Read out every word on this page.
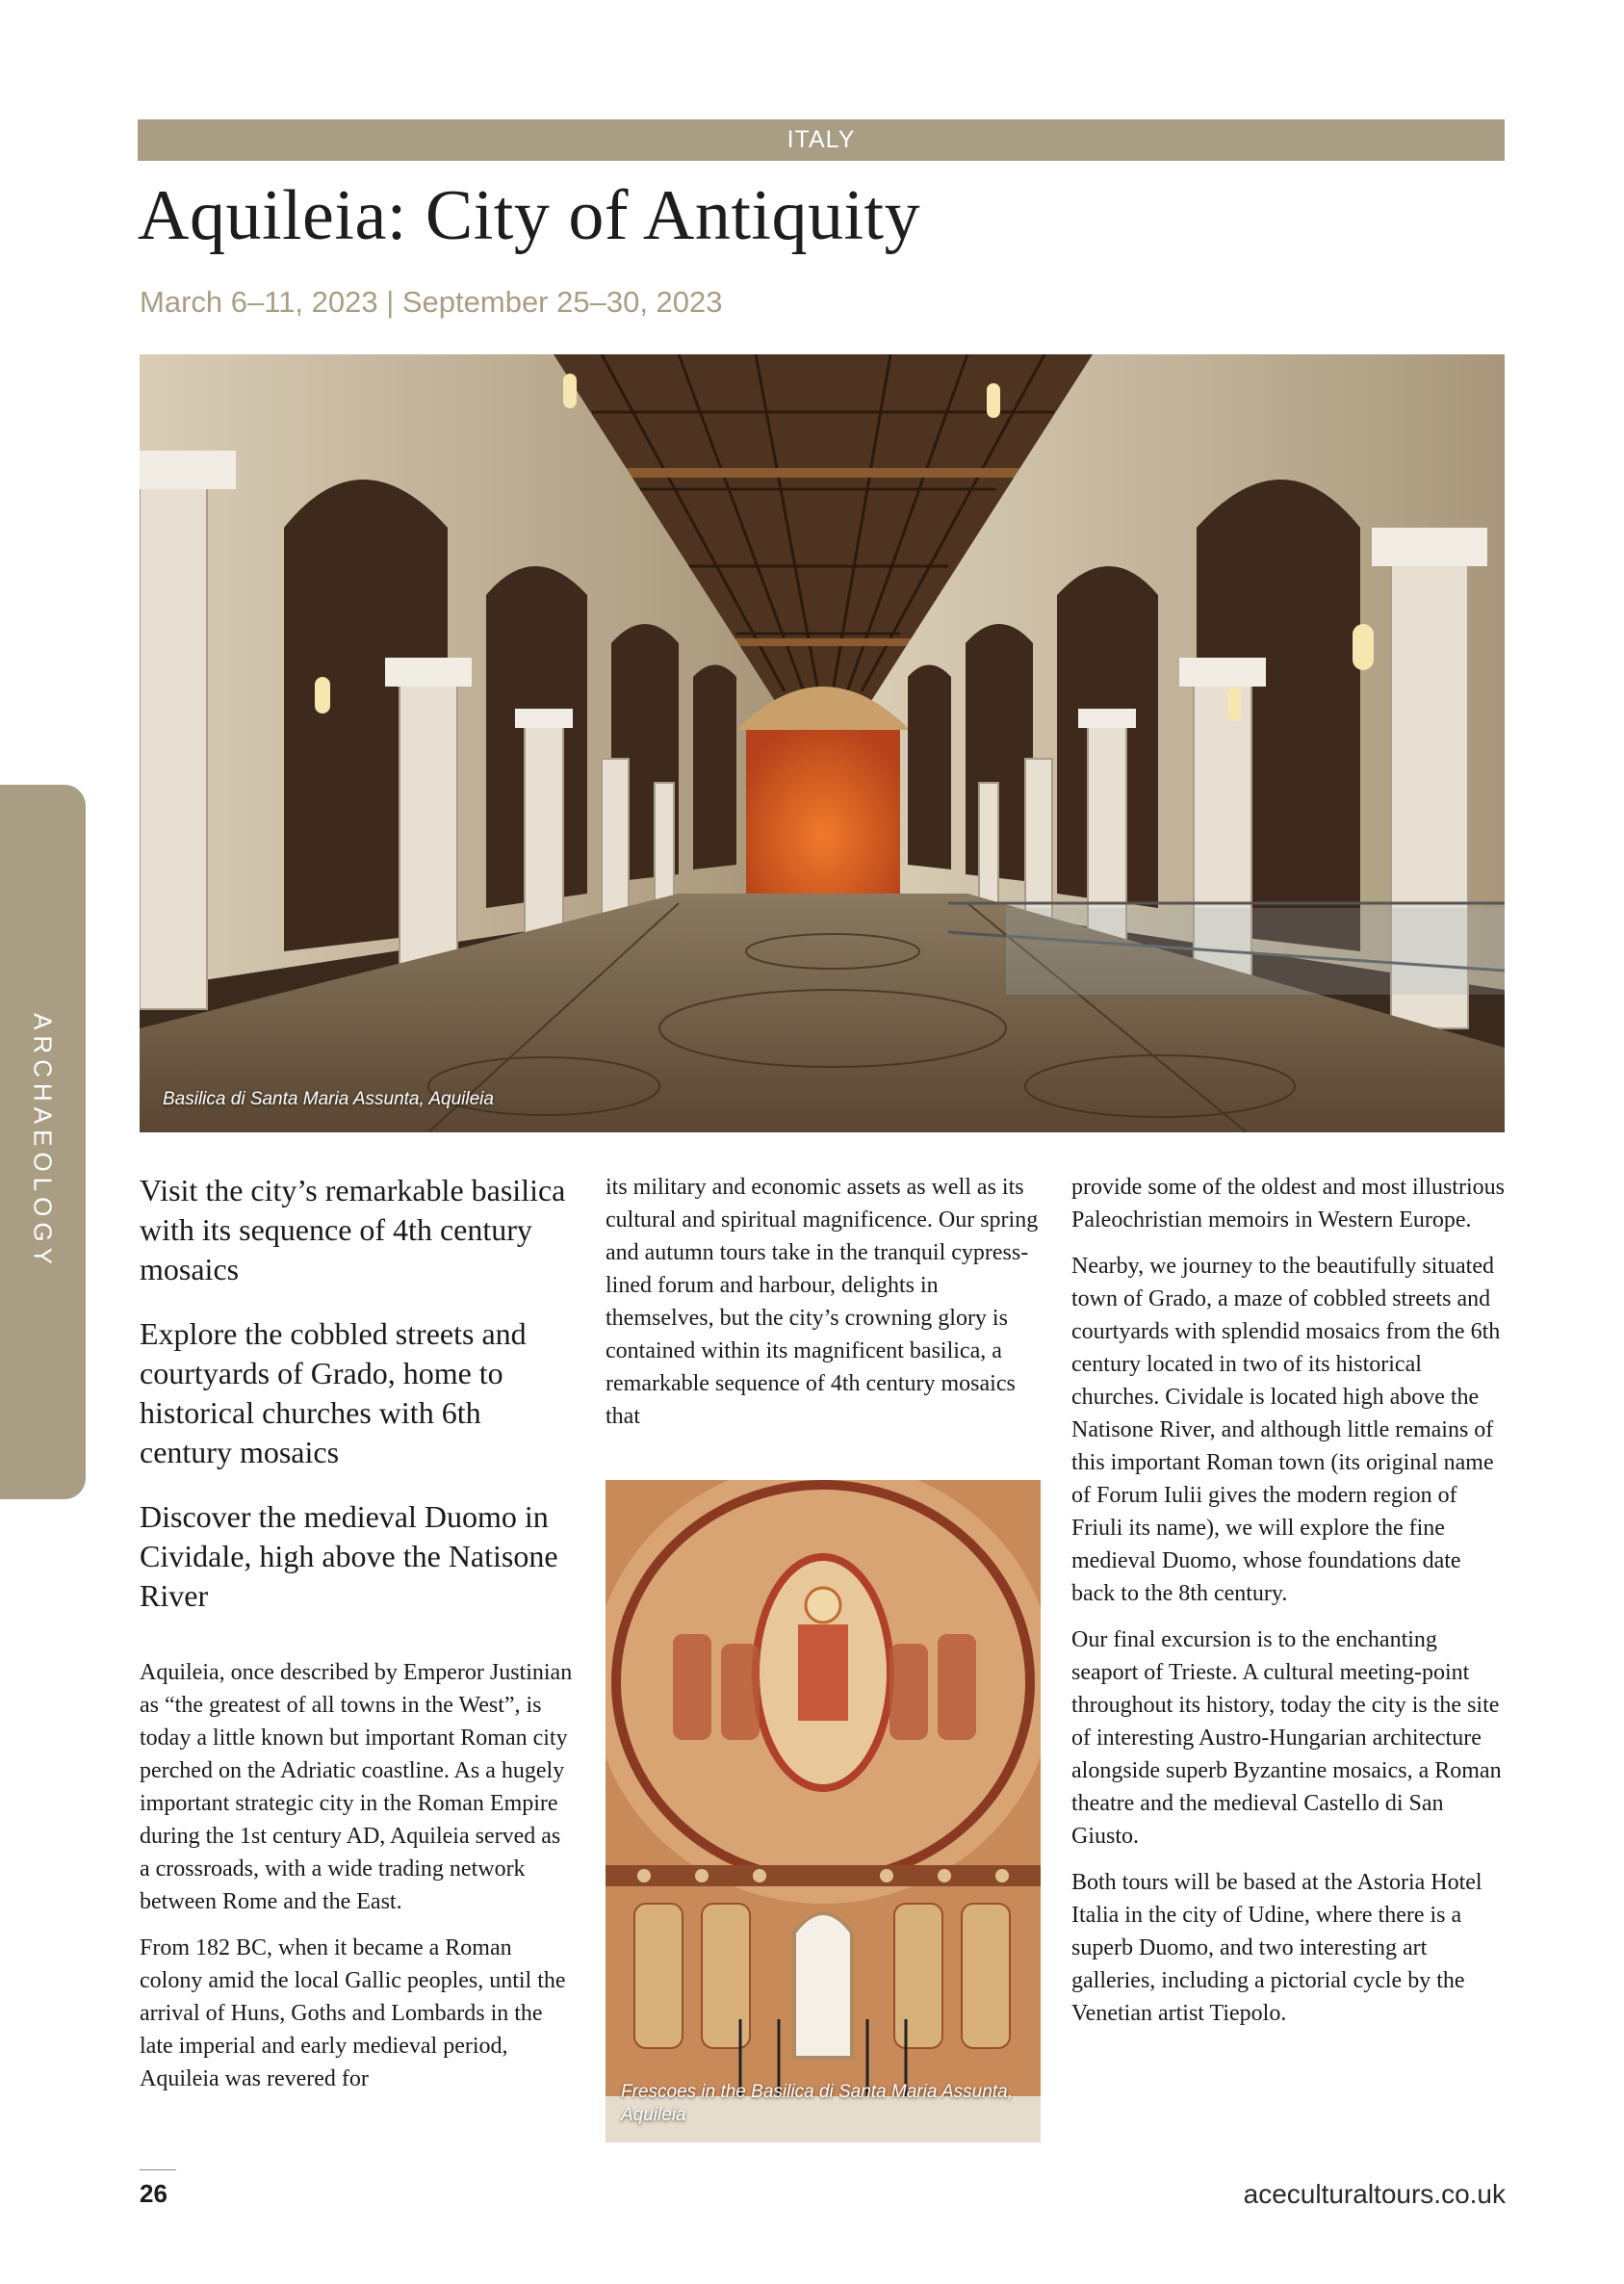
ITALY
Aquileia: City of Antiquity
March 6–11, 2023 | September 25–30, 2023
ARCHAEOLOGY	Basilica di Santa Maria Assunta, Aquileia

Visit the city’s remarkable basilica with its sequence of 4th century mosaics

Explore the cobbled streets and courtyards of Grado, home to historical churches with 6th century mosaics

Discover the medieval Duomo in Cividale, high above the Natisone River

Aquileia, once described by Emperor Justinian as “the greatest of all towns in the West”, is today a little known but important Roman city perched on the Adriatic coastline. As a hugely important strategic city in the Roman Empire during the 1st century AD, Aquileia served as a crossroads, with a wide trading network between Rome and the East.

From 182 BC, when it became a Roman colony amid the local Gallic peoples, until the arrival of Huns, Goths and Lombards in the late imperial and early medieval period, Aquileia was revered for

its military and economic assets as well as its cultural and spiritual magnificence. Our spring and autumn tours take in the tranquil cypress-lined forum and harbour, delights in themselves, but the city’s crowning glory is contained within its magnificent basilica, a remarkable sequence of 4th century mosaics that

Frescoes in the Basilica di Santa Maria Assunta, Aquileia

provide some of the oldest and most illustrious Paleochristian memoirs in Western Europe.

Nearby, we journey to the beautifully situated town of Grado, a maze of cobbled streets and courtyards with splendid mosaics from the 6th century located in two of its historical churches. Cividale is located high above the Natisone River, and although little remains of this important Roman town (its original name of Forum Iulii gives the modern region of Friuli its name), we will explore the fine medieval Duomo, whose foundations date back to the 8th century.

Our final excursion is to the enchanting seaport of Trieste. A cultural meeting-point throughout its history, today the city is the site of interesting Austro-Hungarian architecture alongside superb Byzantine mosaics, a Roman theatre and the medieval Castello di San Giusto.

Both tours will be based at the Astoria Hotel Italia in the city of Udine, where there is a superb Duomo, and two interesting art galleries, including a pictorial cycle by the Venetian artist Tiepolo.

26	aceculturaltours.co.uk
